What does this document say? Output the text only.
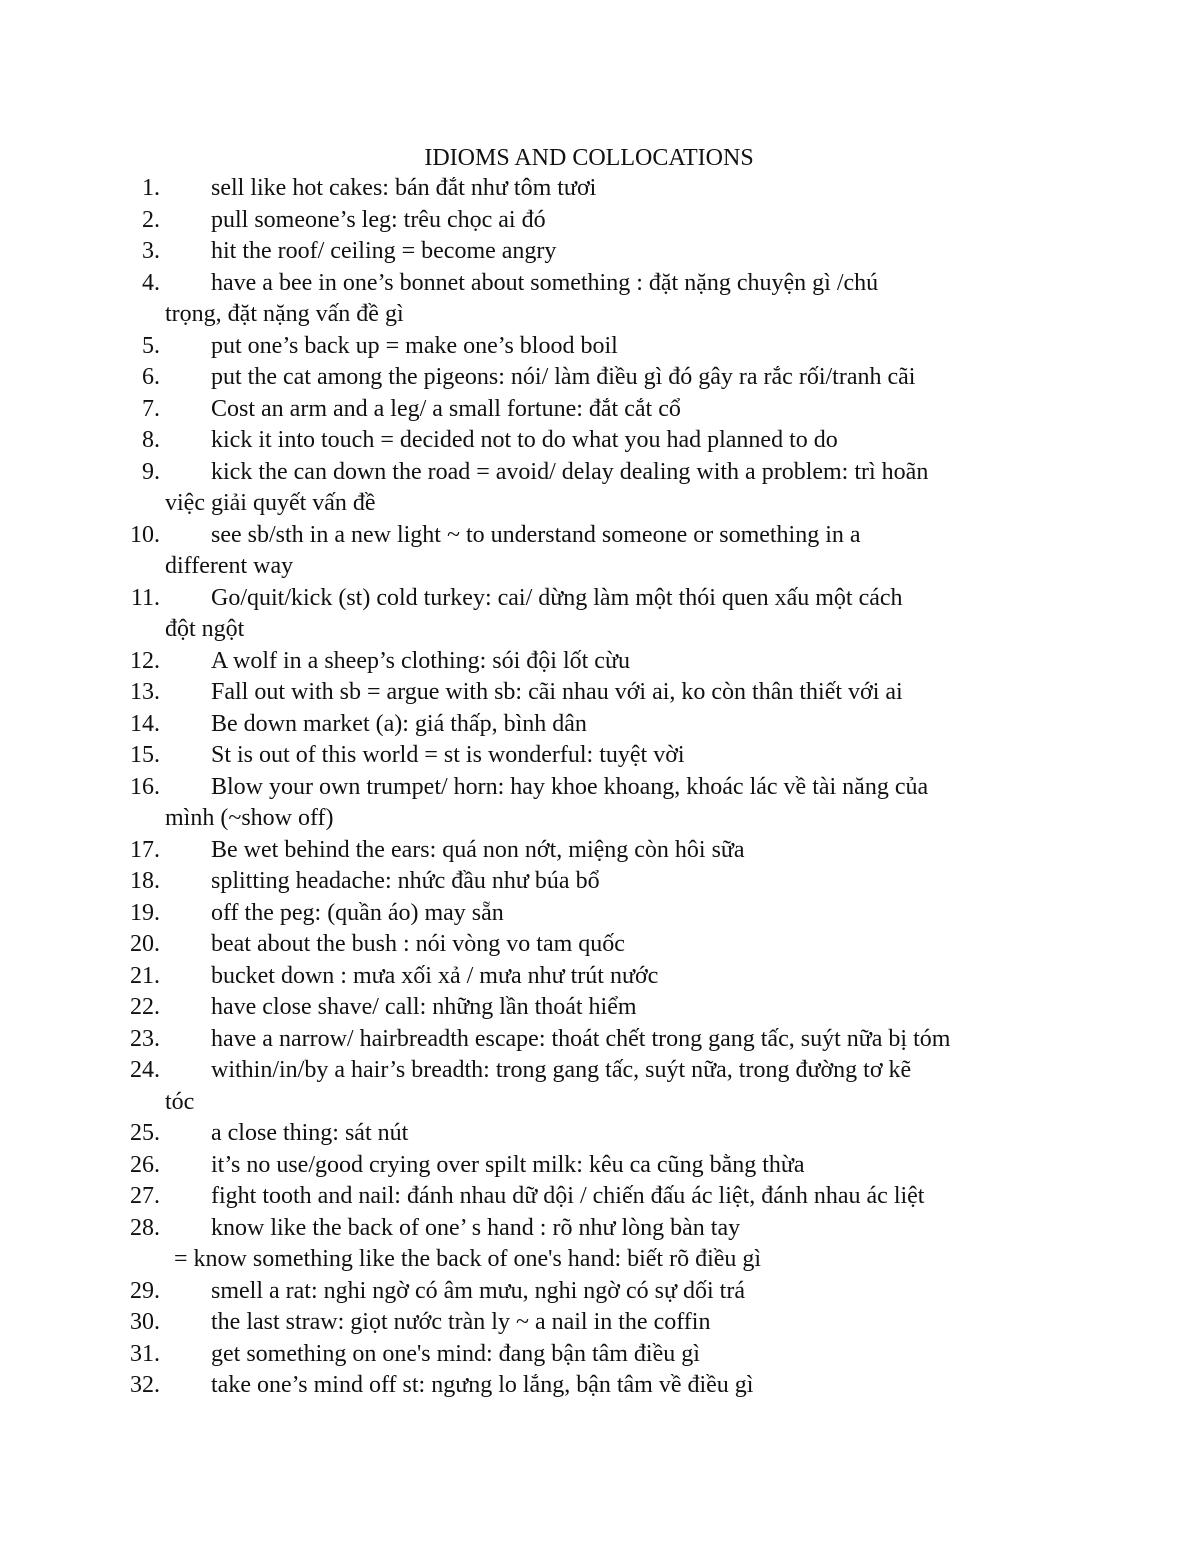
IDIOMS AND COLLOCATIONS
1. sell like hot cakes: bán đắt như tôm tươi
2. pull someone’s leg: trêu chọc ai đó
3. hit the roof/ ceiling = become angry
4. have a bee in one’s bonnet about something : đặt nặng chuyện gì /chú
trọng, đặt nặng vấn đề gì
5. put one’s back up = make one’s blood boil
6. put the cat among the pigeons: nói/ làm điều gì đó gây ra rắc rối/tranh cãi
7. Cost an arm and a leg/ a small fortune: đắt cắt cổ
8. kick it into touch = decided not to do what you had planned to do
9. kick the can down the road = avoid/ delay dealing with a problem: trì hoãn
việc giải quyết vấn đề
10. see sb/sth in a new light ~ to understand someone or something in a
different way
11. Go/quit/kick (st) cold turkey: cai/ dừng làm một thói quen xấu một cách
đột ngột
12. A wolf in a sheep’s clothing: sói đội lốt cừu
13. Fall out with sb = argue with sb: cãi nhau với ai, ko còn thân thiết với ai
14. Be down market (a): giá thấp, bình dân
15. St is out of this world = st is wonderful: tuyệt vời
16. Blow your own trumpet/ horn: hay khoe khoang, khoác lác về tài năng của
mình (~show off)
17. Be wet behind the ears: quá non nớt, miệng còn hôi sữa
18. splitting headache: nhức đầu như búa bổ
19. off the peg: (quần áo) may sẵn
20. beat about the bush : nói vòng vo tam quốc
21. bucket down : mưa xối xả / mưa như trút nước
22. have close shave/ call: những lần thoát hiểm
23. have a narrow/ hairbreadth escape: thoát chết trong gang tấc, suýt nữa bị tóm
24. within/in/by a hair’s breadth: trong gang tấc, suýt nữa, trong đường tơ kẽ
tóc
25. a close thing: sát nút
26. it’s no use/good crying over spilt milk: kêu ca cũng bằng thừa
27. fight tooth and nail: đánh nhau dữ dội / chiến đấu ác liệt, đánh nhau ác liệt
28. know like the back of one’ s hand : rõ như lòng bàn tay
= know something like the back of one's hand: biết rõ điều gì
29. smell a rat: nghi ngờ có âm mưu, nghi ngờ có sự dối trá
30. the last straw: giọt nước tràn ly ~ a nail in the coffin
31. get something on one's mind: đang bận tâm điều gì
32. take one’s mind off st: ngưng lo lắng, bận tâm về điều gì
